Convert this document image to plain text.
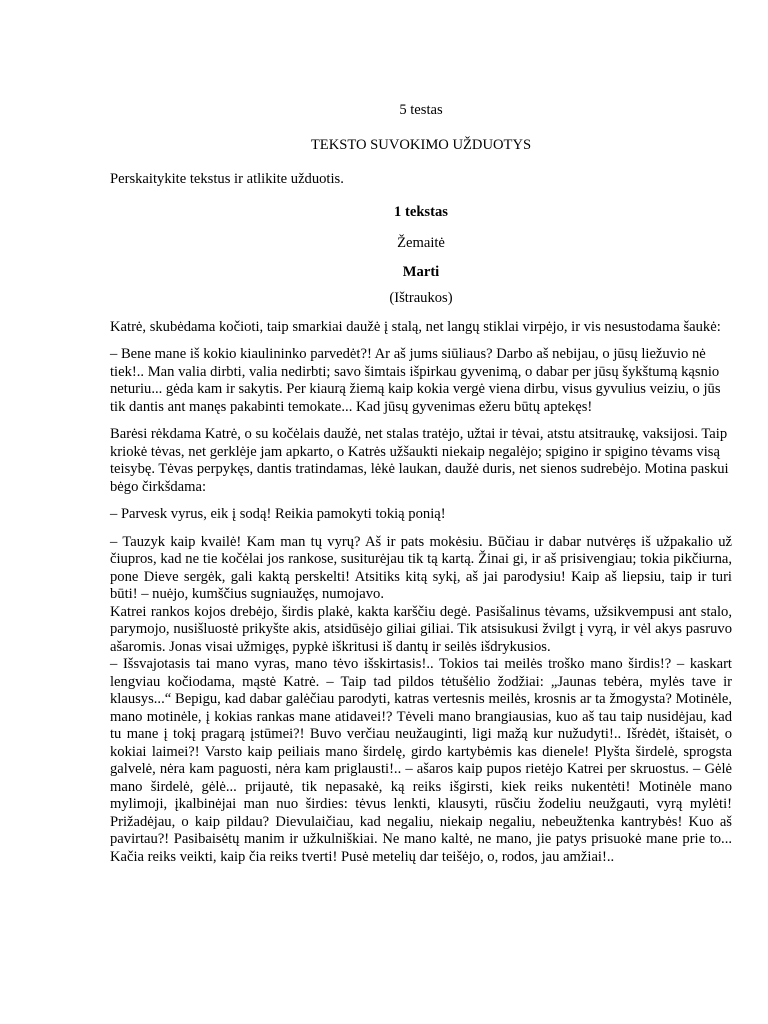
5 testas

TEKSTO SUVOKIMO UŽDUOTYS

Perskaitykite tekstus ir atlikite užduotis.

1 tekstas

Žemaitė

Marti

(Ištraukos)

Katrė, skubėdama kočioti, taip smarkiai daužė į stalą, net langų stiklai virpėjo, ir vis nesustodama šaukė:

– Bene mane iš kokio kiaulininko parvedėt?! Ar aš jums siūliaus? Darbo aš nebijau, o jūsų liežuvio nė tiek!.. Man valia dirbti, valia nedirbti; savo šimtais išpirkau gyvenimą, o dabar per jūsų šykštumą kąsnio neturiu... gėda kam ir sakytis. Per kiaurą žiemą kaip kokia vergė viena dirbu, visus gyvulius veiziu, o jūs tik dantis ant manęs pakabinti temokate... Kad jūsų gyvenimas ežeru būtų aptekęs!

Barėsi rėkdama Katrė, o su kočėlais daužė, net stalas tratėjo, užtai ir tėvai, atstu atsitraukę, vaksijosi. Taip kriokė tėvas, net gerklėje jam apkarto, o Katrės užšaukti niekaip negalėjo; spigino ir spigino tėvams visą teisybę. Tėvas perpykęs, dantis tratindamas, lėkė laukan, daužė duris, net sienos sudrebėjo. Motina paskui bėgo čirkšdama:

– Parvesk vyrus, eik į sodą! Reikia pamokyti tokią ponią!

– Tauzyk kaip kvailė! Kam man tų vyrų? Aš ir pats mokėsiu. Būčiau ir dabar nutvėręs iš užpakalio už čiupros, kad ne tie kočėlai jos rankose, susiturėjau tik tą kartą. Žinai gi, ir aš prisivengiau; tokia pikčiurna, pone Dieve sergėk, gali kaktą perskelti! Atsitiks kitą sykį, aš jai parodysiu! Kaip aš liepsiu, taip ir turi būti! – nuėjo, kumščius sugniaužęs, numojavo.

Katrei rankos kojos drebėjo, širdis plakė, kakta karščiu degė. Pasišalinus tėvams, užsikvempusi ant stalo, parymojo, nusišluostė prikyšte akis, atsidūsėjo giliai giliai. Tik atsisukusi žvilgt į vyrą, ir vėl akys pasruvo ašaromis. Jonas visai užmigęs, pypkė iškritusi iš dantų ir seilės išdrykusios.

– Išsvajotasis tai mano vyras, mano tėvo išskirtasis!.. Tokios tai meilės troško mano širdis!? – kaskart lengviau kočiodama, mąstė Katrė. – Taip tad pildos tėtušėlio žodžiai: „Jaunas tebėra, mylės tave ir klausys...“ Bepigu, kad dabar galėčiau parodyti, katras vertesnis meilės, krosnis ar ta žmogysta? Motinėle, mano motinėle, į kokias rankas mane atidavei!? Tėveli mano brangiausias, kuo aš tau taip nusidėjau, kad tu mane į tokį pragarą įstūmei?! Buvo verčiau neužauginti, ligi mažą kur nužudyti!.. Išrėdėt, ištaisėt, o kokiai laimei?! Varsto kaip peiliais mano širdelę, girdo kartybėmis kas dienele! Plyšta širdelė, sprogsta galvelė, nėra kam paguosti, nėra kam priglausti!.. – ašaros kaip pupos rietėjo Katrei per skruostus. – Gėlė mano širdelė, gėlė... prijautė, tik nepasakė, ką reiks išgirsti, kiek reiks nukentėti! Motinėle mano mylimoji, įkalbinėjai man nuo širdies: tėvus lenkti, klausyti, rūsčiu žodeliu neužgauti, vyrą mylėti! Prižadėjau, o kaip pildau? Dievulaičiau, kad negaliu, niekaip negaliu, nebeužtenka kantrybės! Kuo aš pavirtau?! Pasibaisėtų manim ir užkulniškiai. Ne mano kaltė, ne mano, jie patys prisuokė mane prie to... Kačia reiks veikti, kaip čia reiks tverti! Pusė metelių dar teišėjo, o, rodos, jau amžiai!..
